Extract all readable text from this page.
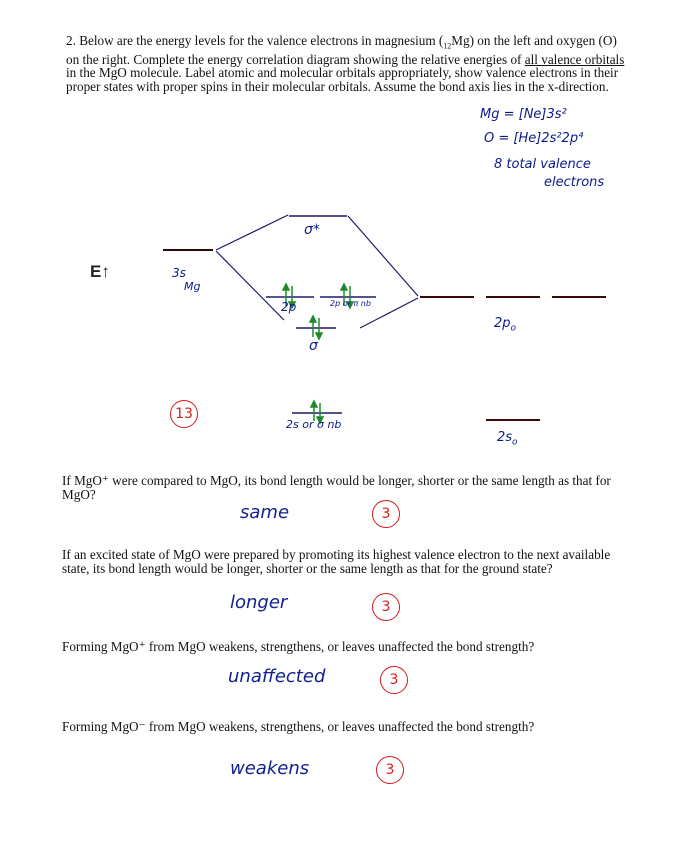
2. Below are the energy levels for the valence electrons in magnesium $(_{12}Mg)$ on the left and oxygen (O) on the right. Complete the energy correlation diagram showing the relative energies of all valence orbitals in the MgO molecule. Label atomic and molecular orbitals appropriately, show valence electrons in their proper states with proper spins in their molecular orbitals. Assume the bond axis lies in the x-direction.
Mg = [Ne]3s²
O = [He]2s²2p⁴
8 total valence
electrons
E↑	3s
Mg
σ*
2p	2p or π nb
σ
$2p_o$
2s or σ nb
$2s_o$
13
If MgO⁺ were compared to MgO, its bond length would be longer, shorter or the same length as that for MgO?
same	3
If an excited state of MgO were prepared by promoting its highest valence electron to the next available state, its bond length would be longer, shorter or the same length as that for the ground state?
longer	3
Forming MgO⁺ from MgO weakens, strengthens, or leaves unaffected the bond strength?
unaffected	3
Forming MgO⁻ from MgO weakens, strengthens, or leaves unaffected the bond strength?
weakens	3
